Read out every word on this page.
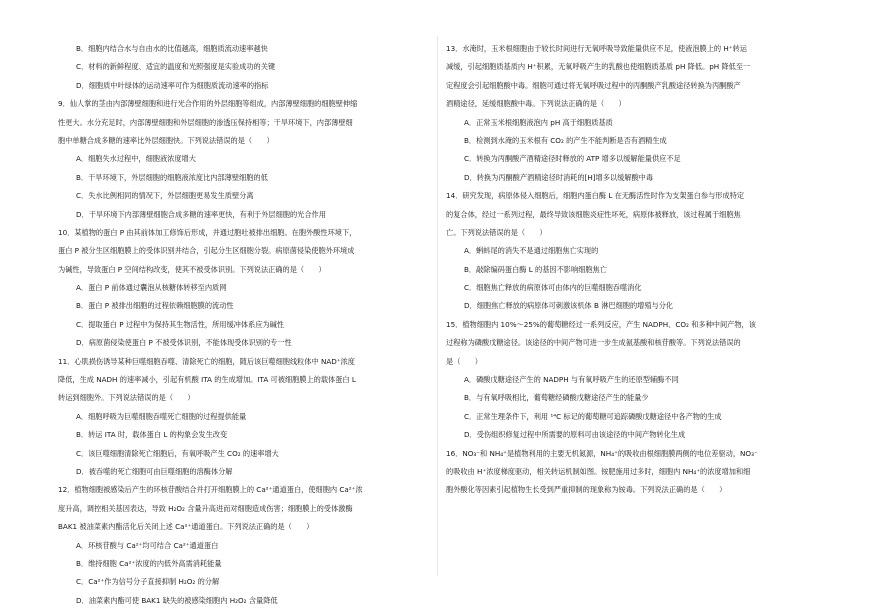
B．细胞内结合水与自由水的比值越高，细胞质流动速率越快
C．材料的新鲜程度、适宜的温度和光照强度是实验成功的关键
D．细胞质中叶绿体的运动速率可作为细胞质流动速率的指标
9．仙人掌的茎由内部薄壁细胞和进行光合作用的外层细胞等组成，内部薄壁细胞的细胞壁伸缩
性更大。水分充足时，内部薄壁细胞和外层细胞的渗透压保持相等；干旱环境下，内部薄壁细
胞中单糖合成多糖的速率比外层细胞快。下列说法错误的是（　　）
A．细胞失水过程中，细胞液浓度增大
B．干旱环境下，外层细胞的细胞液浓度比内部薄壁细胞的低
C．失水比例相同的情况下，外层细胞更易发生质壁分离
D．干旱环境下内部薄壁细胞合成多糖的速率更快，有利于外层细胞的光合作用
10．某植物的蛋白 P 由其前体加工修饰后形成，并通过胞吐被排出细胞。在胞外酸性环境下，
蛋白 P 被分生区细胞膜上的受体识别并结合，引起分生区细胞分裂。病原菌侵染使胞外环境成
为碱性，导致蛋白 P 空间结构改变，使其不被受体识别。下列说法正确的是（　　）
A．蛋白 P 前体通过囊泡从核糖体转移至内质网
B．蛋白 P 被排出细胞的过程依赖细胞膜的流动性
C．提取蛋白 P 过程中为保持其生物活性，所用缓冲体系应为碱性
D．病原菌侵染使蛋白 P 不被受体识别，不能体现受体识别的专一性
11．心肌损伤诱导某种巨噬细胞吞噬、清除死亡的细胞，随后该巨噬细胞线粒体中 NAD⁺浓度
降低，生成 NADH 的速率减小，引起有机酸 ITA 的生成增加。ITA 可被细胞膜上的载体蛋白 L
转运到细胞外。下列说法错误的是（　　）
A．细胞呼吸为巨噬细胞吞噬死亡细胞的过程提供能量
B．转运 ITA 时，载体蛋白 L 的构象会发生改变
C．该巨噬细胞清除死亡细胞后，有氧呼吸产生 CO₂ 的速率增大
D．被吞噬的死亡细胞可由巨噬细胞的溶酶体分解
12．植物细胞被感染后产生的环核苷酸结合并打开细胞膜上的 Ca²⁺通道蛋白，使细胞内 Ca²⁺浓
度升高，调控相关基因表达，导致 H₂O₂ 含量升高进而对细胞造成伤害；细胞膜上的受体激酶
BAK1 被油菜素内酯活化后关闭上述 Ca²⁺通道蛋白。下列说法正确的是（　　）
A．环核苷酸与 Ca²⁺均可结合 Ca²⁺通道蛋白
B．维持细胞 Ca²⁺浓度的内低外高需消耗能量
C．Ca²⁺作为信号分子直接抑制 H₂O₂ 的分解
D．油菜素内酯可使 BAK1 缺失的被感染细胞内 H₂O₂ 含量降低
13．水淹时，玉米根细胞由于较长时间进行无氧呼吸导致能量供应不足，使液泡膜上的 H⁺转运
减缓，引起细胞质基质内 H⁺积累，无氧呼吸产生的乳酸也使细胞质基质 pH 降低。pH 降低至一
定程度会引起细胞酸中毒。细胞可通过将无氧呼吸过程中的丙酮酸产乳酸途径转换为丙酮酸产
酒精途径，延缓细胞酸中毒。下列说法正确的是（　　）
A．正常玉米根细胞液泡内 pH 高于细胞质基质
B．检测到水淹的玉米根有 CO₂ 的产生不能判断是否有酒精生成
C．转换为丙酮酸产酒精途径时释放的 ATP 增多以缓解能量供应不足
D．转换为丙酮酸产酒精途径时消耗的[H]增多以缓解酸中毒
14．研究发现，病原体侵入细胞后，细胞内蛋白酶 L 在无酶活性时作为支架蛋白参与形成特定
的复合体，经过一系列过程，最终导致该细胞炎症性坏死，病原体被释放，该过程属于细胞焦
亡。下列说法错误的是（　　）
A．蝌蚪尾的消失不是通过细胞焦亡实现的
B．敲除编码蛋白酶 L 的基因不影响细胞焦亡
C．细胞焦亡释放的病原体可由体内的巨噬细胞吞噬消化
D．细胞焦亡释放的病原体可刺激该机体 B 淋巴细胞的增殖与分化
15．植物细胞内 10%～25%的葡萄糖经过一系列反应，产生 NADPH、CO₂ 和多种中间产物，该
过程称为磷酸戊糖途径。该途径的中间产物可进一步生成氨基酸和核苷酸等。下列说法错误的
是（　　）
A．磷酸戊糖途径产生的 NADPH 与有氧呼吸产生的还原型辅酶不同
B．与有氧呼吸相比，葡萄糖经磷酸戊糖途径产生的能量少
C．正常生理条件下，利用 ¹⁴C 标记的葡萄糖可追踪磷酸戊糖途径中各产物的生成
D．受伤组织修复过程中所需要的原料可由该途径的中间产物转化生成
16．NO₃⁻和 NH₄⁺是植物利用的主要无机氮源，NH₄⁺的吸收由根细胞膜两侧的电位差驱动，NO₃⁻
的吸收由 H⁺浓度梯度驱动，相关转运机制如图。铵肥施用过多时，细胞内 NH₄⁺的浓度增加和细
胞外酸化等因素引起植物生长受到严重抑制的现象称为铵毒。下列说法正确的是（　　）
